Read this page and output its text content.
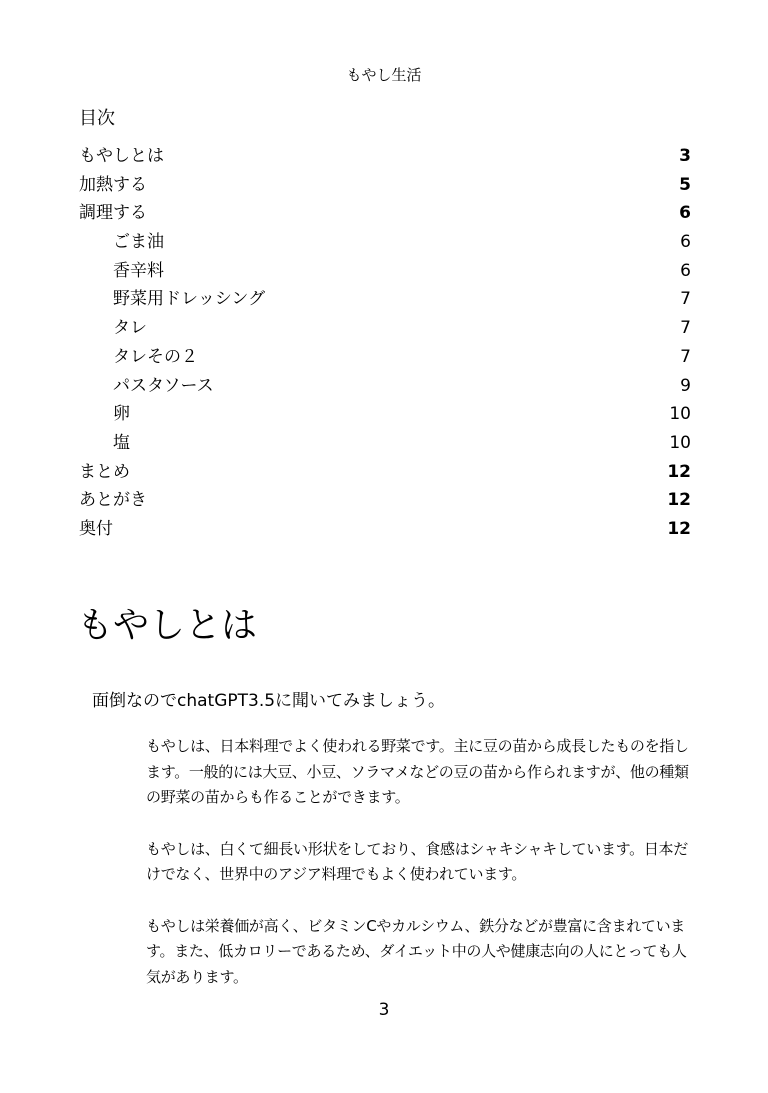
もやし生活
目次
もやしとは	3
加熱する	5
調理する	6
ごま油	6
香辛料	6
野菜用ドレッシング	7
タレ	7
タレその２	7
パスタソース	9
卵	10
塩	10
まとめ	12
あとがき	12
奥付	12
もやしとは
面倒なのでchatGPT3.5に聞いてみましょう。

もやしは、日本料理でよく使われる野菜です。主に豆の苗から成長したものを指します。一般的には大豆、小豆、ソラマメなどの豆の苗から作られますが、他の種類の野菜の苗からも作ることができます。

もやしは、白くて細長い形状をしており、食感はシャキシャキしています。日本だけでなく、世界中のアジア料理でもよく使われています。

もやしは栄養価が高く、ビタミンCやカルシウム、鉄分などが豊富に含まれています。また、低カロリーであるため、ダイエット中の人や健康志向の人にとっても人気があります。

3
